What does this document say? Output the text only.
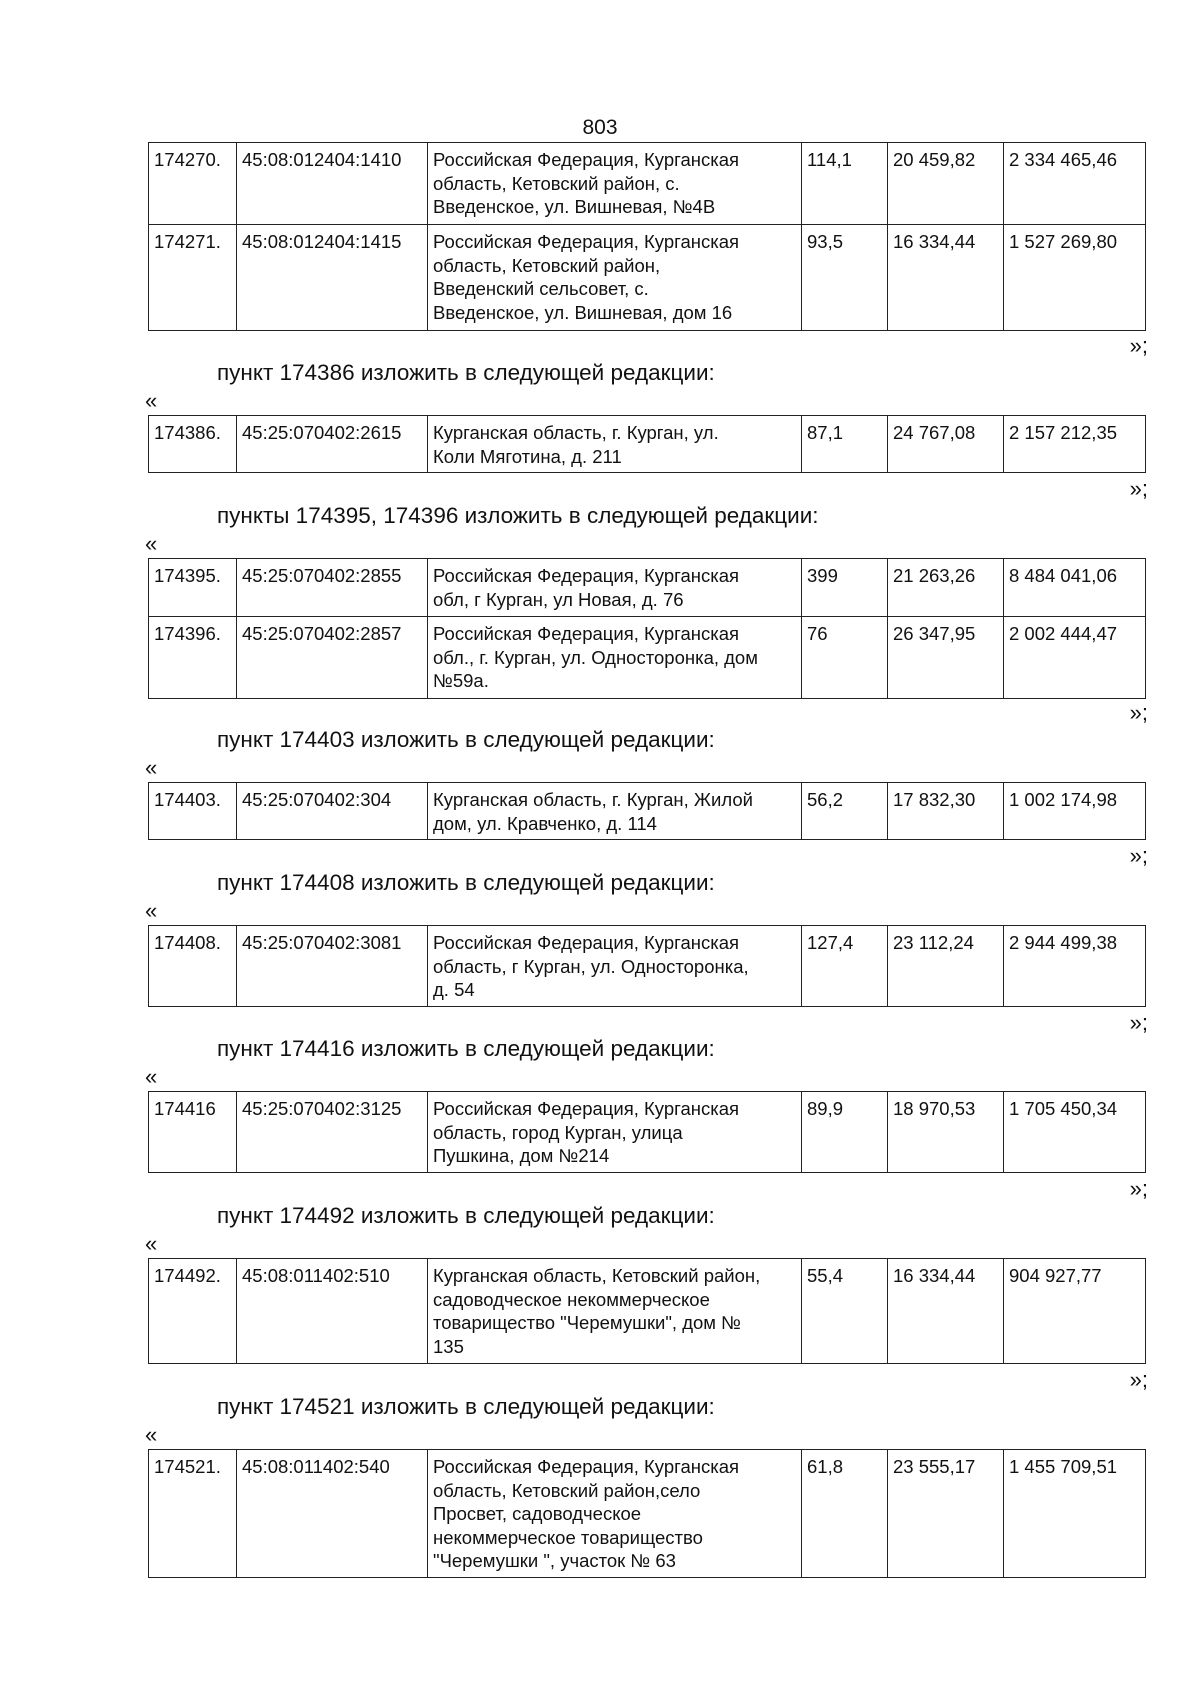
803
174270.	45:08:012404:1410	Российская Федерация, Курганская
область, Кетовский район, с.
Введенское, ул. Вишневая, №4В
114,1	20 459,82	2 334 465,46
174271.	45:08:012404:1415	Российская Федерация, Курганская
область, Кетовский район,
Введенский сельсовет, с.
Введенское, ул. Вишневая, дом 16
93,5	16 334,44	1 527 269,80
»;
пункт 174386 изложить в следующей редакции:
«
174386.	45:25:070402:2615	Курганская область, г. Курган, ул.
Коли Мяготина, д. 211
87,1	24 767,08	2 157 212,35
»;
пункты 174395, 174396 изложить в следующей редакции:
«
174395.	45:25:070402:2855	Российская Федерация, Курганская
обл, г Курган, ул Новая, д. 76
399	21 263,26	8 484 041,06
174396.	45:25:070402:2857	Российская Федерация, Курганская
обл., г. Курган, ул. Односторонка, дом
№59а.
76	26 347,95	2 002 444,47
»;
пункт 174403 изложить в следующей редакции:
«
174403.	45:25:070402:304	Курганская область, г. Курган, Жилой
дом, ул. Кравченко, д. 114
56,2	17 832,30	1 002 174,98
»;
пункт 174408 изложить в следующей редакции:
«
174408.	45:25:070402:3081	Российская Федерация, Курганская
область, г Курган, ул. Односторонка,
д. 54
127,4	23 112,24	2 944 499,38
»;
пункт 174416 изложить в следующей редакции:
«
174416	45:25:070402:3125	Российская Федерация, Курганская
область, город Курган, улица
Пушкина, дом №214
89,9	18 970,53	1 705 450,34
»;
пункт 174492 изложить в следующей редакции:
«
174492.	45:08:011402:510	Курганская область, Кетовский район,
садоводческое некоммерческое
товарищество "Черемушки", дом №
135
55,4	16 334,44	904 927,77
»;
пункт 174521 изложить в следующей редакции:
«
174521.	45:08:011402:540	Российская Федерация, Курганская
область, Кетовский район,село
Просвет, садоводческое
некоммерческое товарищество
"Черемушки ", участок № 63
61,8	23 555,17	1 455 709,51
